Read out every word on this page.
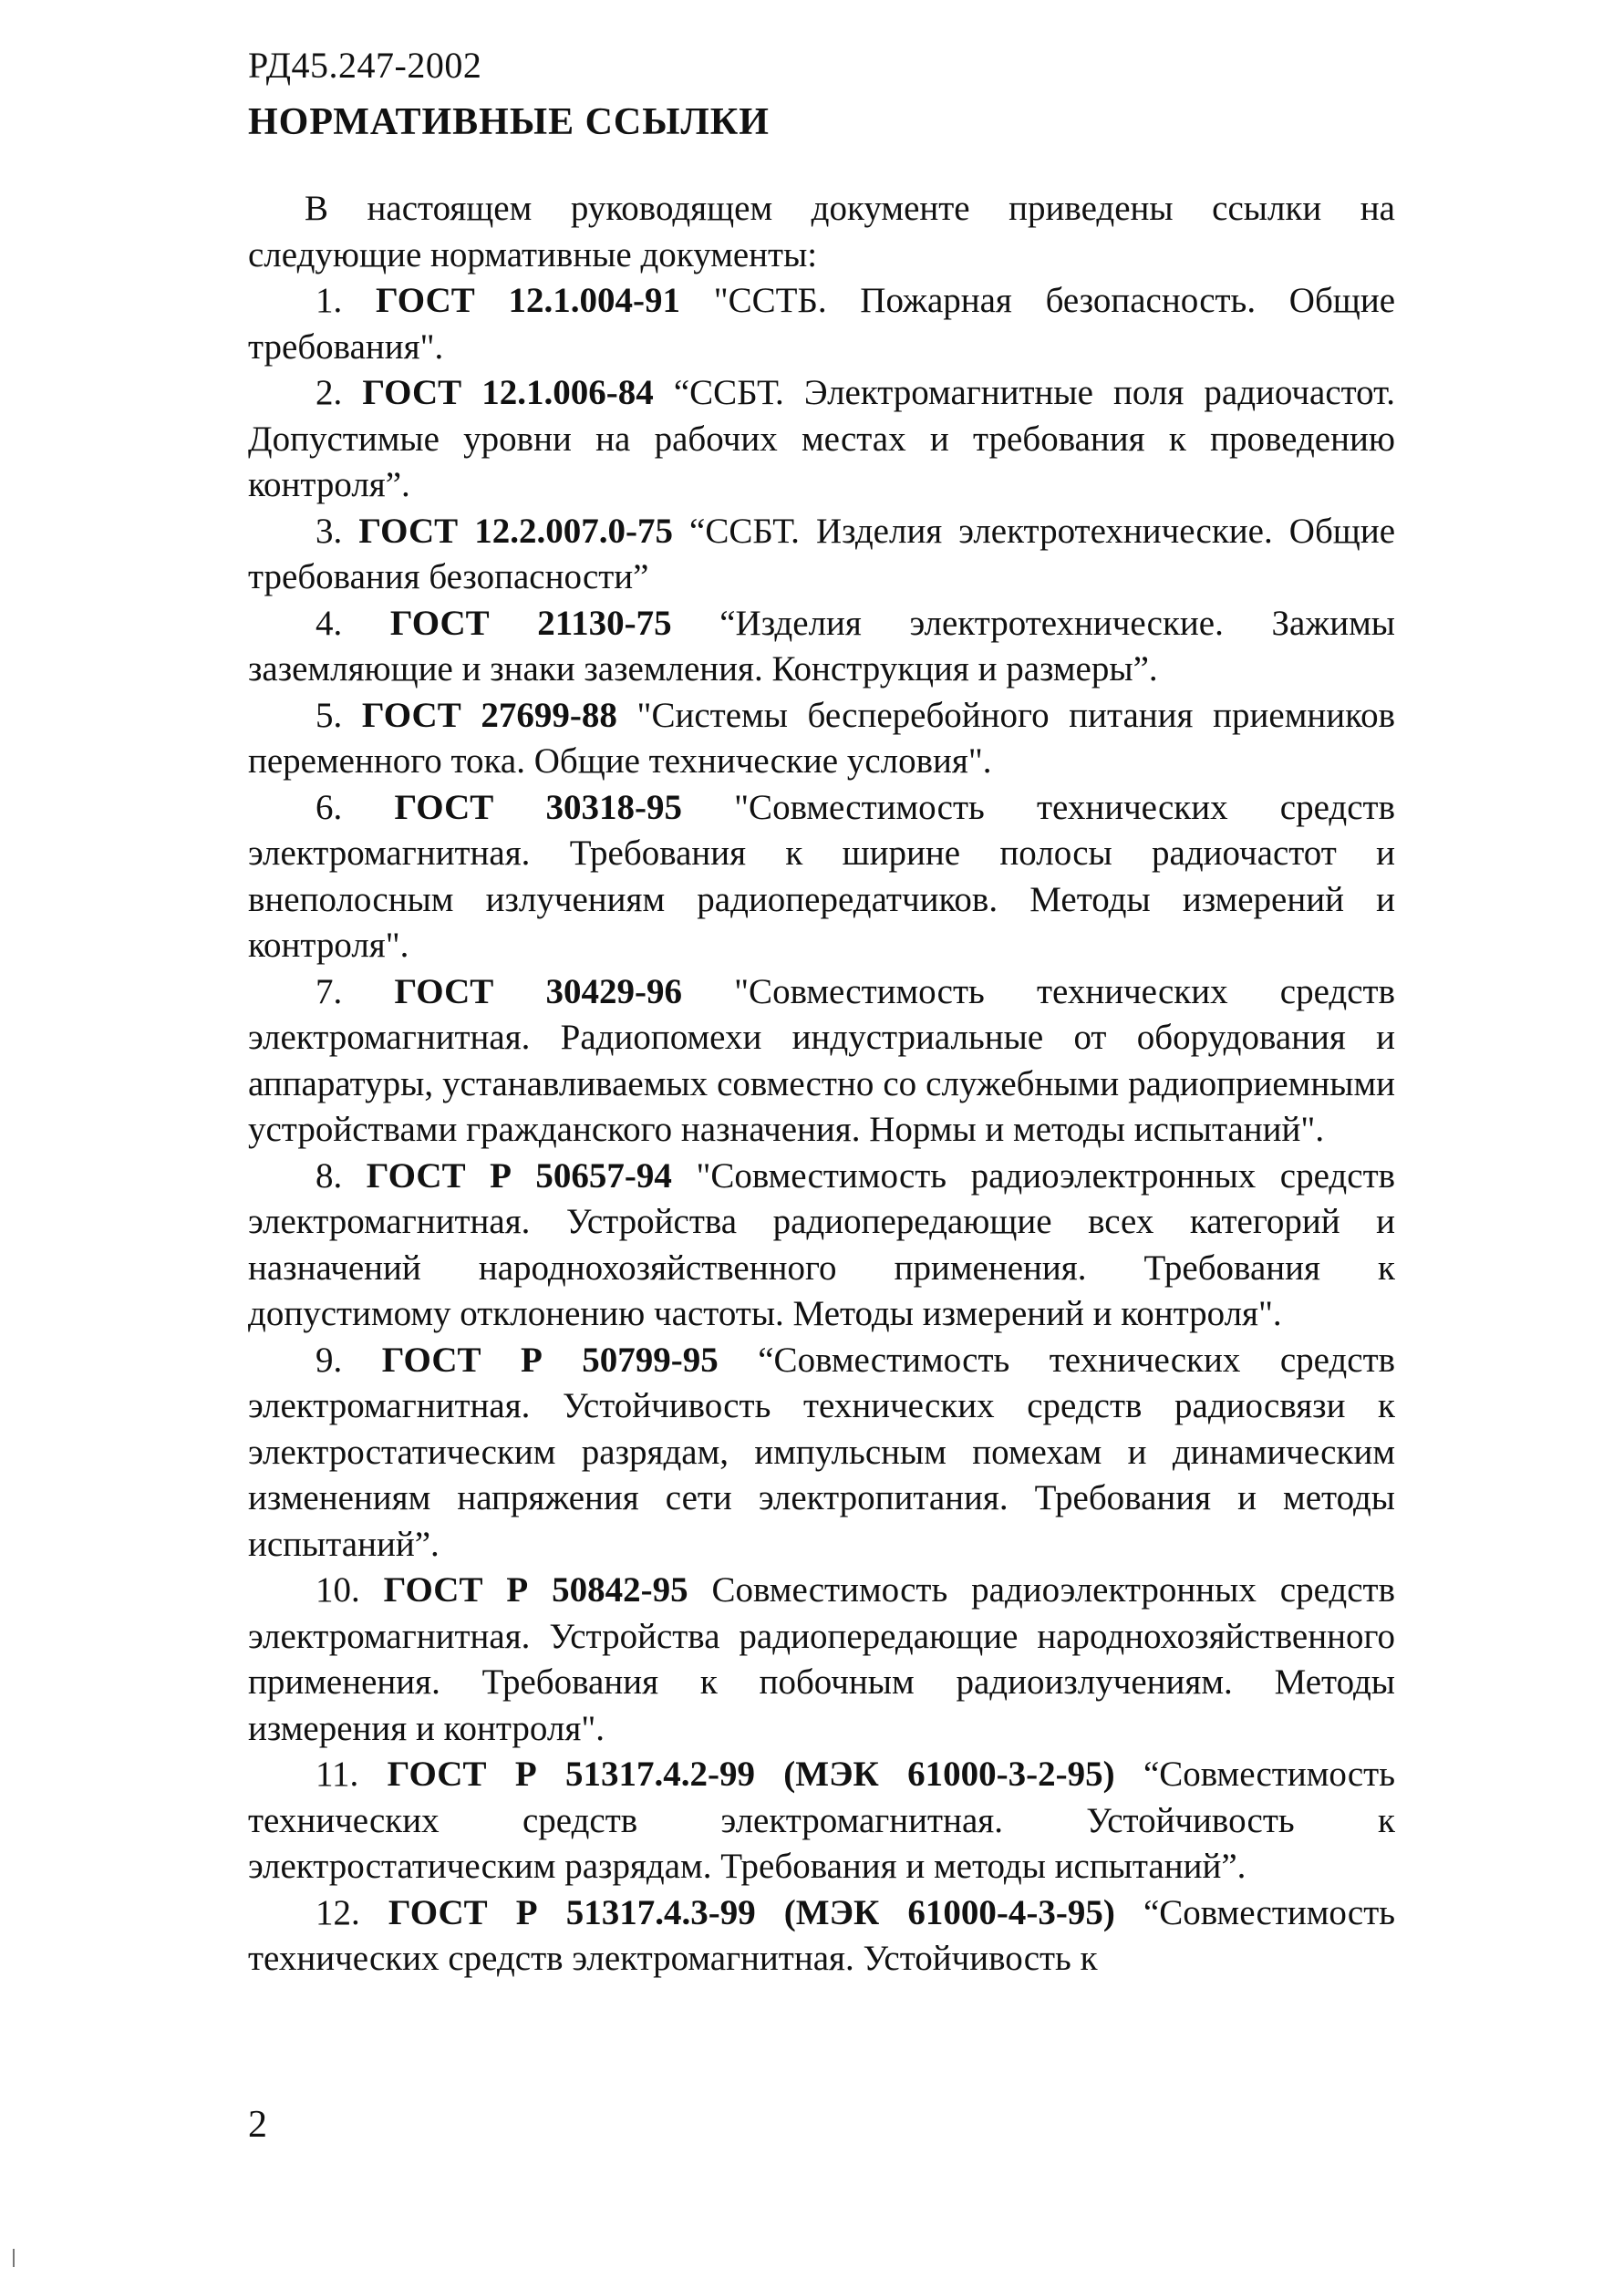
РД45.247-2002
НОРМАТИВНЫЕ ССЫЛКИ

В настоящем руководящем документе приведены ссылки на следующие нормативные документы:

1. ГОСТ 12.1.004-91 "ССТБ. Пожарная безопасность. Общие требования".

2. ГОСТ 12.1.006-84 “ССБТ. Электромагнитные поля радиочастот. Допустимые уровни на рабочих местах и требования к проведению контроля”.

3. ГОСТ 12.2.007.0-75 “ССБТ. Изделия электротехнические. Общие требования безопасности”

4. ГОСТ 21130-75 “Изделия электротехнические. Зажимы заземляющие и знаки заземления. Конструкция и размеры”.

5. ГОСТ 27699-88 "Системы бесперебойного питания приемников переменного тока. Общие технические условия".

6. ГОСТ 30318-95 "Совместимость технических средств электромагнитная. Требования к ширине полосы радиочастот и внеполосным излучениям радиопередатчиков. Методы измерений и контроля".

7. ГОСТ 30429-96 "Совместимость технических средств электромагнитная. Радиопомехи индустриальные от оборудования и аппаратуры, устанавливаемых совместно со служебными радиоприемными устройствами гражданского назначения. Нормы и методы испытаний".

8. ГОСТ Р 50657-94 "Совместимость радиоэлектронных средств электромагнитная. Устройства радиопередающие всех категорий и назначений народнохозяйственного применения. Требования к допустимому отклонению частоты. Методы измерений и контроля".

9. ГОСТ Р 50799-95 “Совместимость технических средств электромагнитная. Устойчивость технических средств радиосвязи к электростатическим разрядам, импульсным помехам и динамическим изменениям напряжения сети электропитания. Требования и методы испытаний”.

10. ГОСТ Р 50842-95 Совместимость радиоэлектронных средств электромагнитная. Устройства радиопередающие народнохозяйственного применения. Требования к побочным радиоизлучениям. Методы измерения и контроля".

11. ГОСТ Р 51317.4.2-99 (МЭК 61000-3-2-95) “Совместимость технических средств электромагнитная. Устойчивость к электростатическим разрядам. Требования и методы испытаний”.

12. ГОСТ Р 51317.4.3-99 (МЭК 61000-4-3-95) “Совместимость технических средств электромагнитная. Устойчивость к

2
